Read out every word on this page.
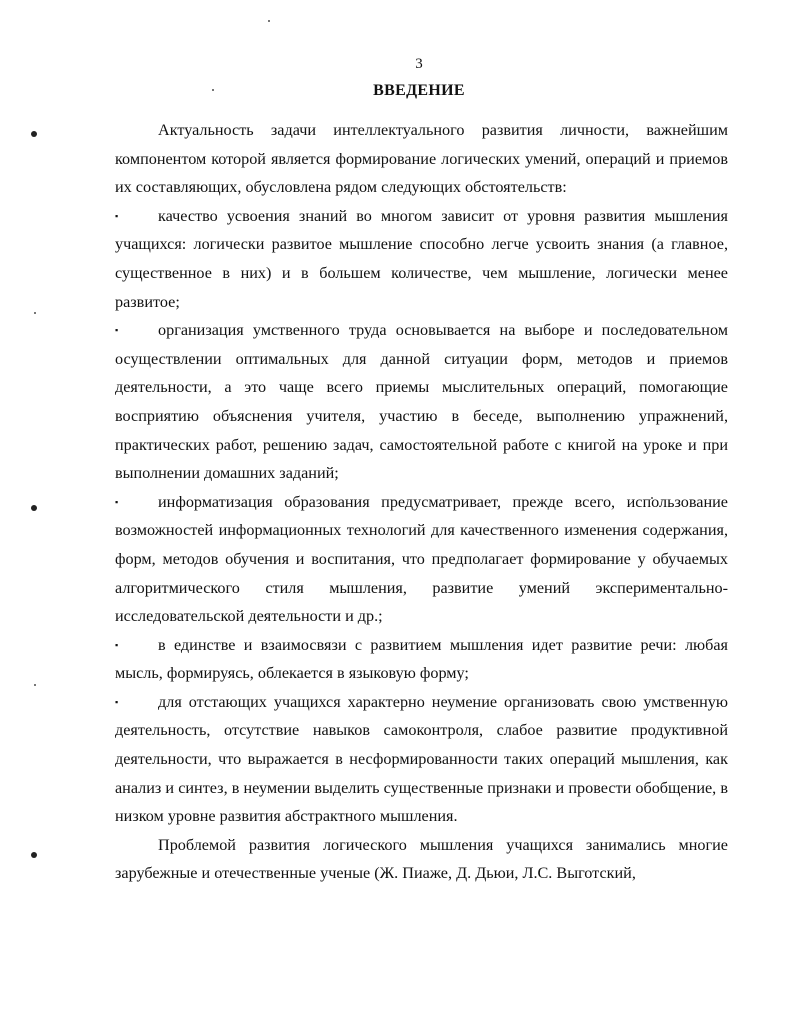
3
ВВЕДЕНИЕ

Актуальность задачи интеллектуального развития личности, важнейшим компонентом которой является формирование логических умений, операций и приемов их составляющих, обусловлена рядом следующих обстоятельств:

▪	качество усвоения знаний во многом зависит от уровня развития мышления учащихся: логически развитое мышление способно легче усвоить знания (а главное, существенное в них) и в большем количестве, чем мышление, логически менее развитое;

▪	организация умственного труда основывается на выборе и последовательном осуществлении оптимальных для данной ситуации форм, методов и приемов деятельности, а это чаще всего приемы мыслительных операций, помогающие восприятию объяснения учителя, участию в беседе, выполнению упражнений, практических работ, решению задач, самостоятельной работе с книгой на уроке и при выполнении домашних заданий;

▪	информатизация образования предусматривает, прежде всего, использование возможностей информационных технологий для качественного изменения содержания, форм, методов обучения и воспитания, что предполагает формирование у обучаемых алгоритмического стиля мышления, развитие умений экспериментально-исследовательской деятельности и др.;

▪	в единстве и взаимосвязи с развитием мышления идет развитие речи: любая мысль, формируясь, облекается в языковую форму;

▪	для отстающих учащихся характерно неумение организовать свою умственную деятельность, отсутствие навыков самоконтроля, слабое развитие продуктивной деятельности, что выражается в несформированности таких операций мышления, как анализ и синтез, в неумении выделить существенные признаки и провести обобщение, в низком уровне развития абстрактного мышления.

Проблемой развития логического мышления учащихся занимались многие зарубежные и отечественные ученые (Ж. Пиаже, Д. Дьюи, Л.С. Выготский,
